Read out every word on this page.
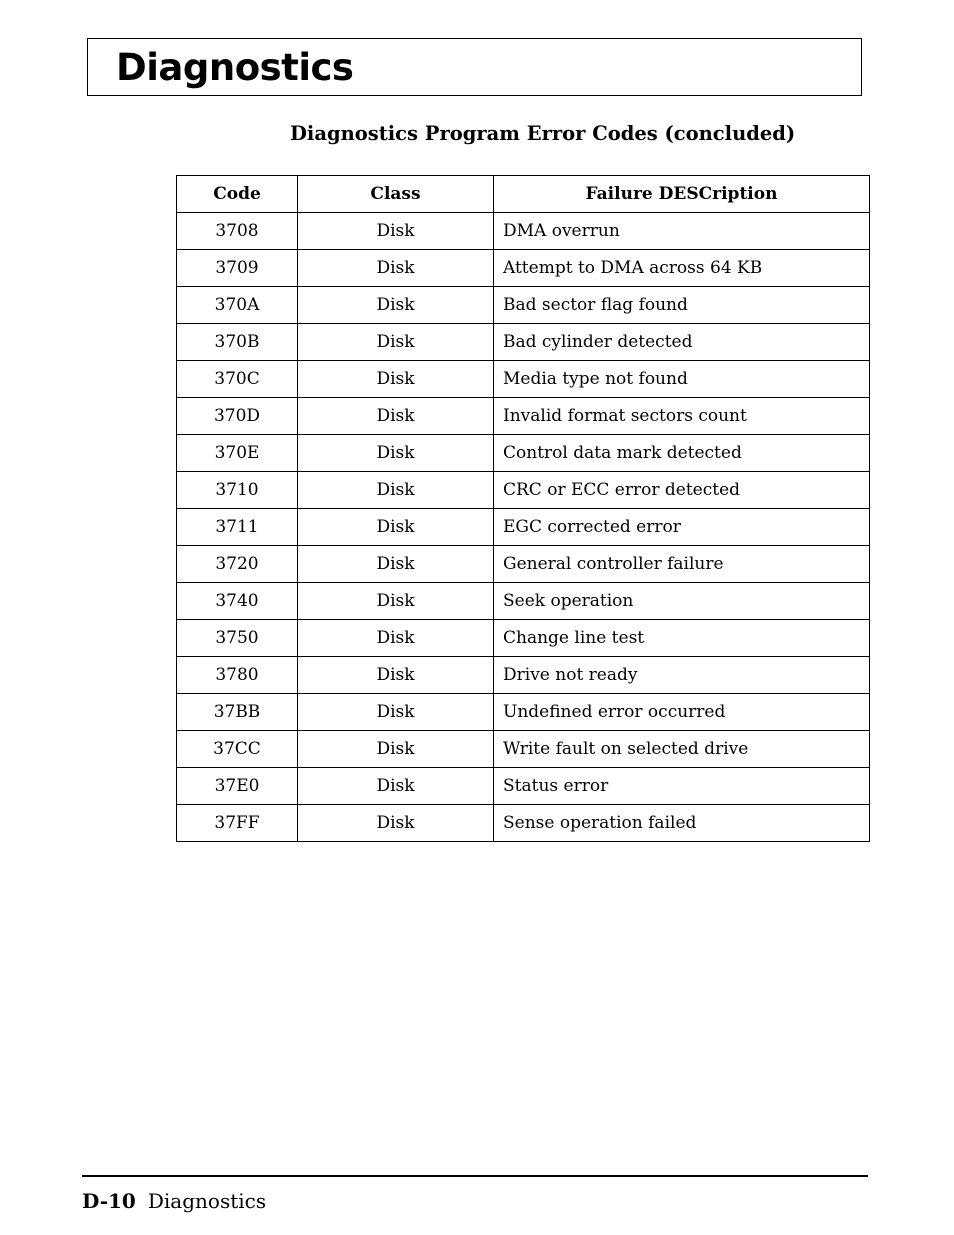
Diagnostics
Diagnostics Program Error Codes (concluded)
Code	Class	Failure DESCription
3708	Disk	DMA overrun
3709	Disk	Attempt to DMA across 64 KB
370A	Disk	Bad sector flag found
370B	Disk	Bad cylinder detected
370C	Disk	Media type not found
370D	Disk	Invalid format sectors count
370E	Disk	Control data mark detected
3710	Disk	CRC or ECC error detected
3711	Disk	EGC corrected error
3720	Disk	General controller failure
3740	Disk	Seek operation
3750	Disk	Change line test
3780	Disk	Drive not ready
37BB	Disk	Undefined error occurred
37CC	Disk	Write fault on selected drive
37E0	Disk	Status error
37FF	Disk	Sense operation failed
D-10 Diagnostics
